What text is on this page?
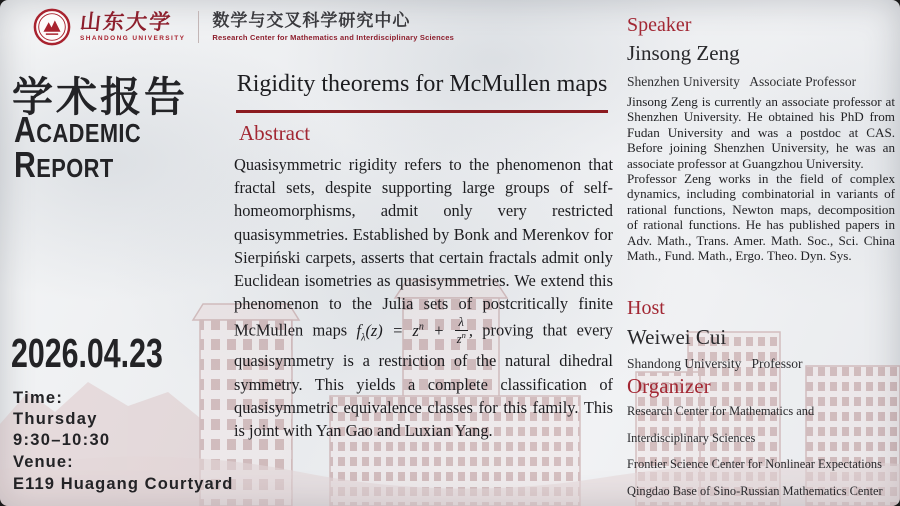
山东大学
SHANDONG UNIVERSITY
数学与交叉科学研究中心
Research Center for Mathematics and Interdisciplinary Sciences
学术报告
ACADEMIC
REPORT
2026.04.23
Time:
Thursday
9:30–10:30
Venue:
E119 Huagang Courtyard
Rigidity theorems for McMullen maps
Abstract
Quasisymmetric rigidity refers to the phenomenon that fractal sets, despite supporting large groups of self-homeomorphisms, admit only very restricted quasisymmetries. Established by Bonk and Merenkov for Sierpiński carpets, asserts that certain fractals admit only Euclidean isometries as quasisymmetries. We extend this phenomenon to the Julia sets of postcritically finite McMullen maps $f_\lambda(z) = z^n + \frac{\lambda}{z^n}$ , proving that every quasisymmetry is a restriction of the natural dihedral symmetry. This yields a complete classification of quasisymmetric equivalence classes for this family. This is joint with Yan Gao and Luxian Yang.
Speaker
Jinsong Zeng
Shenzhen University   Associate Professor
Jinsong Zeng is currently an associate professor at Shenzhen University. He obtained his PhD from Fudan University and was a postdoc at CAS. Before joining Shenzhen University, he was an associate professor at Guangzhou University.
Professor Zeng works in the field of complex dynamics, including combinatorial in variants of rational functions, Newton maps, decomposition of rational functions. He has published papers in Adv. Math., Trans. Amer. Math. Soc., Sci. China Math., Fund. Math., Ergo. Theo. Dyn. Sys.
Host
Weiwei Cui
Shandong University   Professor
Organizer
Research Center for Mathematics and Interdisciplinary Sciences
Frontier Science Center for Nonlinear Expectations
Qingdao Base of Sino-Russian Mathematics Center
